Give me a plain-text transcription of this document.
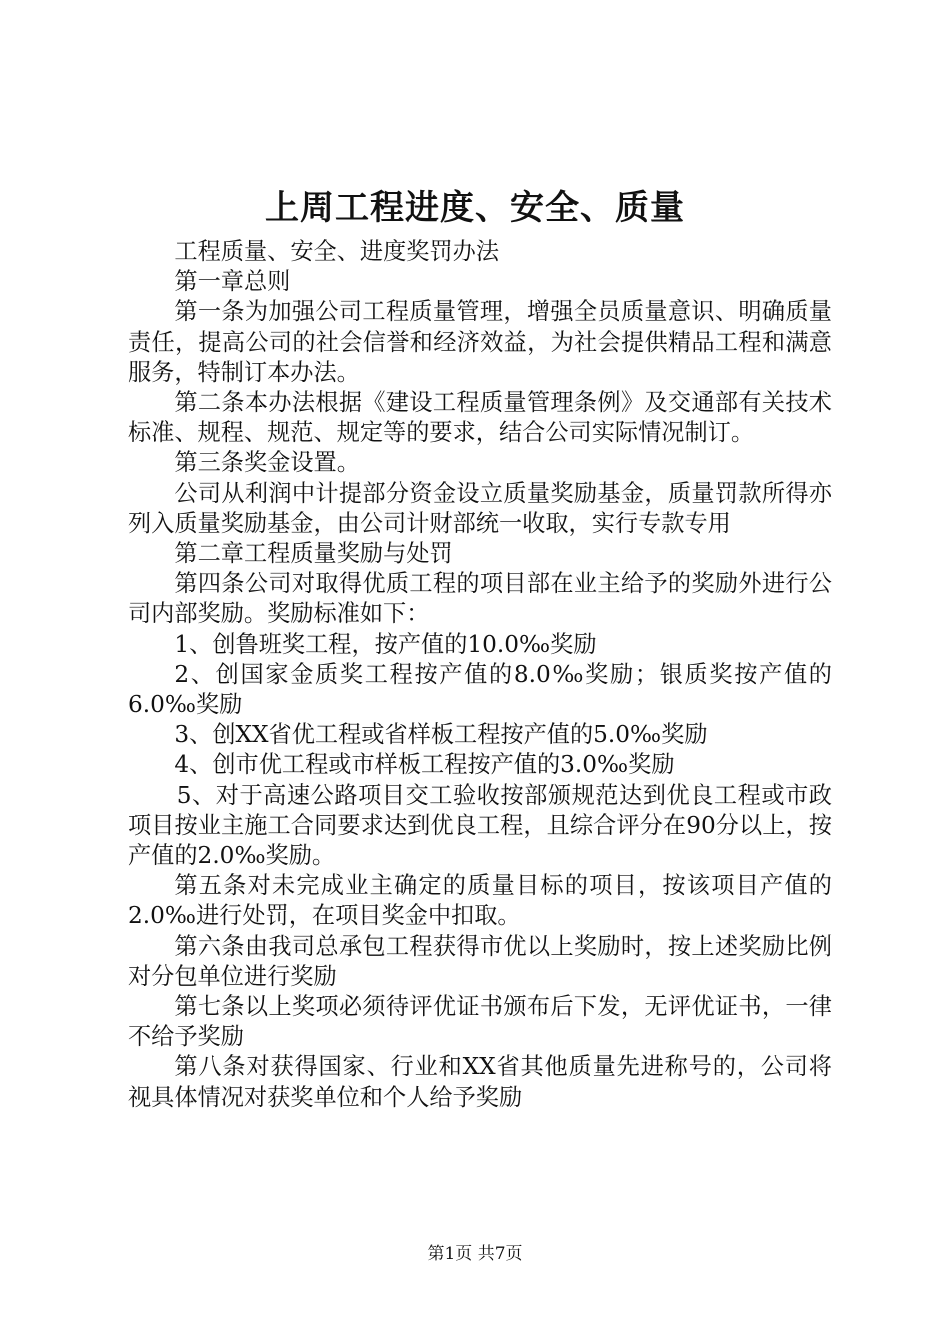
上周工程进度、安全、质量

工程质量、安全、进度奖罚办法

第一章总则

第一条为加强公司工程质量管理，增强全员质量意识、明确质量责任，提高公司的社会信誉和经济效益，为社会提供精品工程和满意服务，特制订本办法。

第二条本办法根据《建设工程质量管理条例》及交通部有关技术标准、规程、规范、规定等的要求，结合公司实际情况制订。

第三条奖金设置。

公司从利润中计提部分资金设立质量奖励基金，质量罚款所得亦列入质量奖励基金，由公司计财部统一收取，实行专款专用

第二章工程质量奖励与处罚

第四条公司对取得优质工程的项目部在业主给予的奖励外进行公司内部奖励。奖励标准如下：

1、创鲁班奖工程，按产值的10.0‰奖励

2、创国家金质奖工程按产值的8.0‰奖励；银质奖按产值的6.0‰奖励

3、创XX省优工程或省样板工程按产值的5.0‰奖励

4、创市优工程或市样板工程按产值的3.0‰奖励

5、对于高速公路项目交工验收按部颁规范达到优良工程或市政项目按业主施工合同要求达到优良工程，且综合评分在90分以上，按产值的2.0‰奖励。

第五条对未完成业主确定的质量目标的项目，按该项目产值的2.0‰进行处罚，在项目奖金中扣取。

第六条由我司总承包工程获得市优以上奖励时，按上述奖励比例对分包单位进行奖励

第七条以上奖项必须待评优证书颁布后下发，无评优证书，一律不给予奖励

第八条对获得国家、行业和XX省其他质量先进称号的，公司将视具体情况对获奖单位和个人给予奖励

第1页 共7页
